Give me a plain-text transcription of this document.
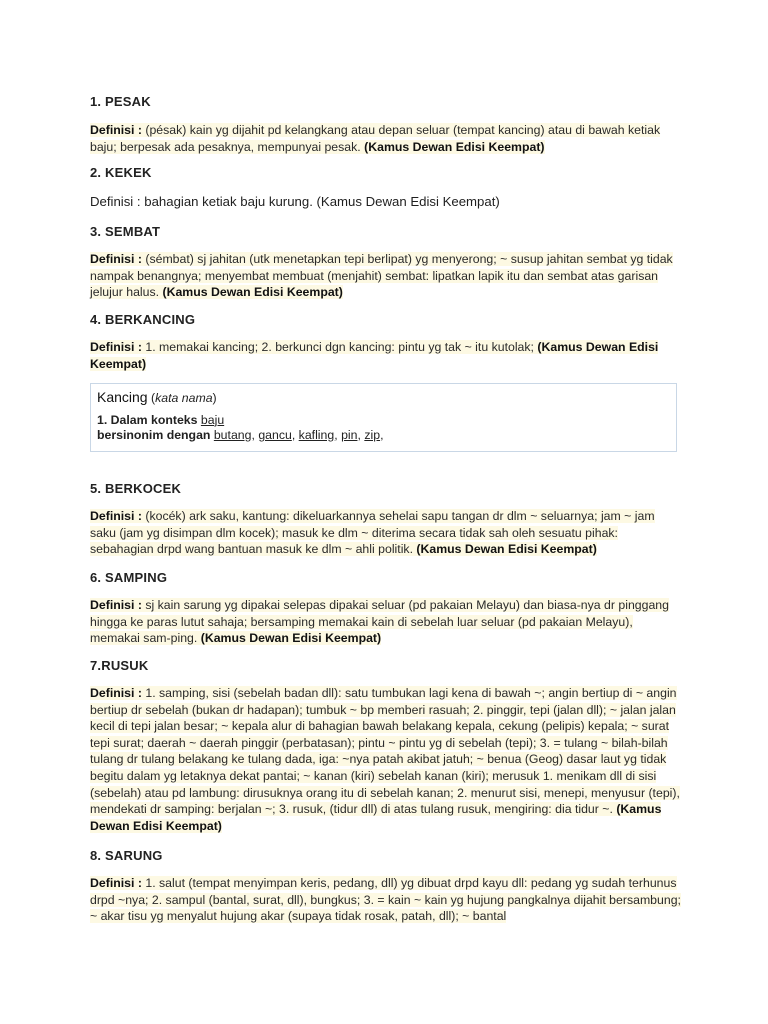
1. PESAK

Definisi : (pésak) kain yg dijahit pd kelangkang atau depan seluar (tempat kancing) atau di bawah ketiak baju; berpesak ada pesaknya, mempunyai pesak. (Kamus Dewan Edisi Keempat)

2. KEKEK

Definisi : bahagian ketiak baju kurung. (Kamus Dewan Edisi Keempat)

3. SEMBAT

Definisi : (sémbat) sj jahitan (utk menetapkan tepi berlipat) yg menyerong; ~ susup jahitan sembat yg tidak nampak benangnya; menyembat membuat (menjahit) sembat: lipatkan lapik itu dan sembat atas garisan jelujur halus. (Kamus Dewan Edisi Keempat)

4. BERKANCING

Definisi : 1. memakai kancing; 2. berkunci dgn kancing: pintu yg tak ~ itu kutolak; (Kamus Dewan Edisi Keempat)

Kancing (kata nama)
1. Dalam konteks baju
bersinonim dengan butang, gancu, kafling, pin, zip,
5. BERKOCEK

Definisi : (kocék) ark saku, kantung: dikeluarkannya sehelai sapu tangan dr dlm ~ seluarnya; jam ~ jam saku (jam yg disimpan dlm kocek); masuk ke dlm ~ diterima secara tidak sah oleh sesuatu pihak: sebahagian drpd wang bantuan masuk ke dlm ~ ahli politik. (Kamus Dewan Edisi Keempat)

6. SAMPING

Definisi : sj kain sarung yg dipakai selepas dipakai seluar (pd pakaian Melayu) dan biasa-nya dr pinggang hingga ke paras lutut sahaja; bersamping memakai kain di sebelah luar seluar (pd pakaian Melayu), memakai sam-ping. (Kamus Dewan Edisi Keempat)

7.RUSUK

Definisi : 1. samping, sisi (sebelah badan dll): satu tumbukan lagi kena di bawah ~; angin bertiup di ~ angin bertiup dr sebelah (bukan dr hadapan); tumbuk ~ bp memberi rasuah; 2. pinggir, tepi (jalan dll); ~ jalan jalan kecil di tepi jalan besar; ~ kepala alur di bahagian bawah belakang kepala, cekung (pelipis) kepala; ~ surat tepi surat; daerah ~ daerah pinggir (perbatasan); pintu ~ pintu yg di sebelah (tepi); 3. = tulang ~ bilah-bilah tulang dr tulang belakang ke tulang dada, iga: ~nya patah akibat jatuh; ~ benua (Geog) dasar laut yg tidak begitu dalam yg letaknya dekat pantai; ~ kanan (kiri) sebelah kanan (kiri); merusuk 1. menikam dll di sisi (sebelah) atau pd lambung: dirusuknya orang itu di sebelah kanan; 2. menurut sisi, menepi, menyusur (tepi), mendekati dr samping: berjalan ~; 3. rusuk, (tidur dll) di atas tulang rusuk, mengiring: dia tidur ~. (Kamus Dewan Edisi Keempat)

8. SARUNG

Definisi : 1. salut (tempat menyimpan keris, pedang, dll) yg dibuat drpd kayu dll: pedang yg sudah terhunus drpd ~nya; 2. sampul (bantal, surat, dll), bungkus; 3. = kain ~ kain yg hujung pangkalnya dijahit bersambung; ~ akar tisu yg menyalut hujung akar (supaya tidak rosak, patah, dll); ~ bantal
